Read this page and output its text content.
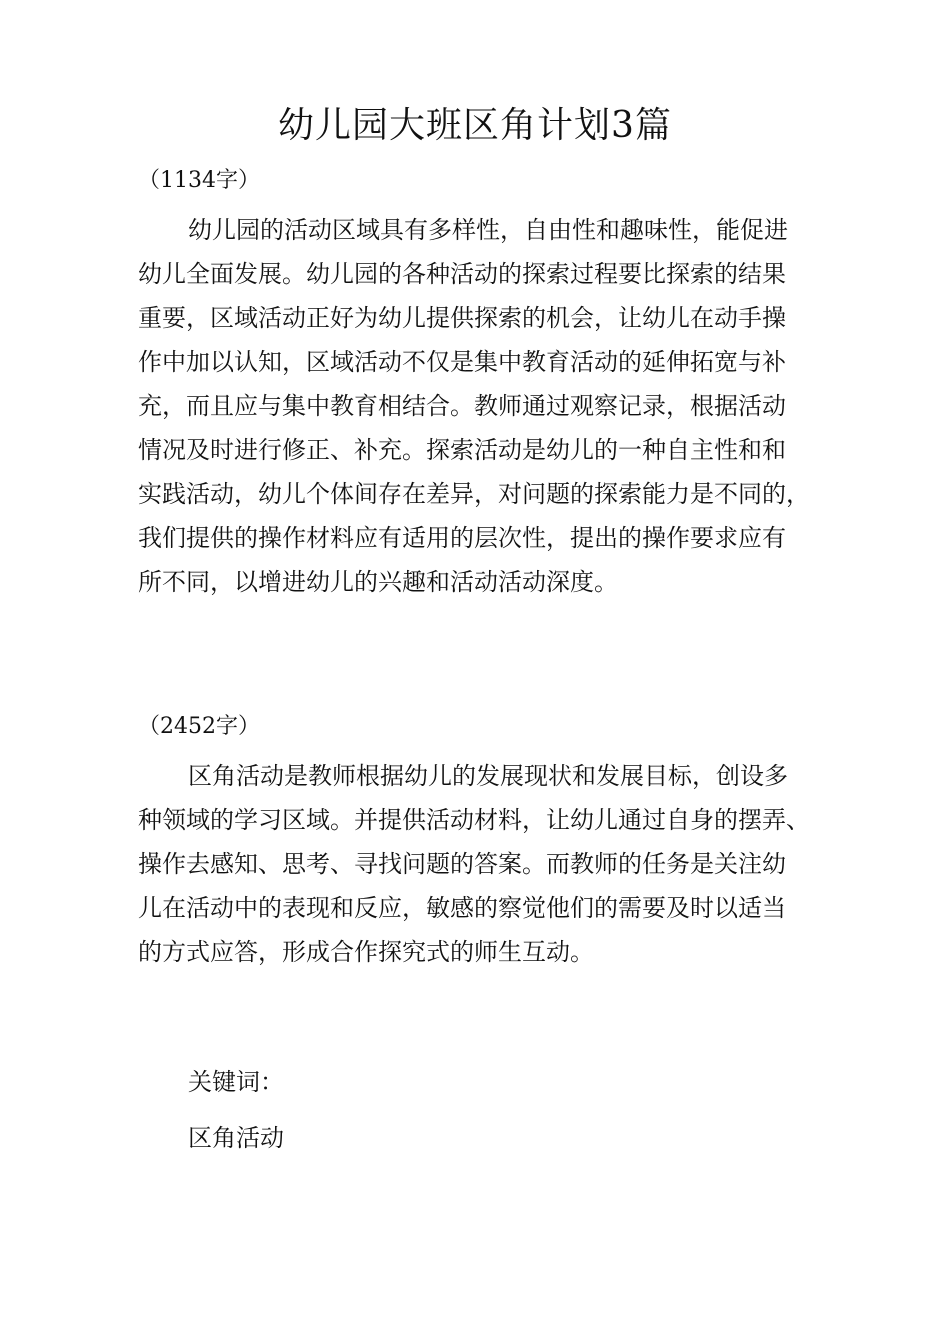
幼儿园大班区角计划3篇
（1134字）
幼儿园的活动区域具有多样性，自由性和趣味性，能促进
幼儿全面发展。幼儿园的各种活动的探索过程要比探索的结果
重要，区域活动正好为幼儿提供探索的机会，让幼儿在动手操
作中加以认知，区域活动不仅是集中教育活动的延伸拓宽与补
充，而且应与集中教育相结合。教师通过观察记录，根据活动
情况及时进行修正、补充。探索活动是幼儿的一种自主性和和
实践活动，幼儿个体间存在差异，对问题的探索能力是不同的，
我们提供的操作材料应有适用的层次性，提出的操作要求应有
所不同，以增进幼儿的兴趣和活动活动深度。
（2452字）
区角活动是教师根据幼儿的发展现状和发展目标，创设多
种领域的学习区域。并提供活动材料，让幼儿通过自身的摆弄、
操作去感知、思考、寻找问题的答案。而教师的任务是关注幼
儿在活动中的表现和反应，敏感的察觉他们的需要及时以适当
的方式应答，形成合作探究式的师生互动。
关键词：
区角活动
